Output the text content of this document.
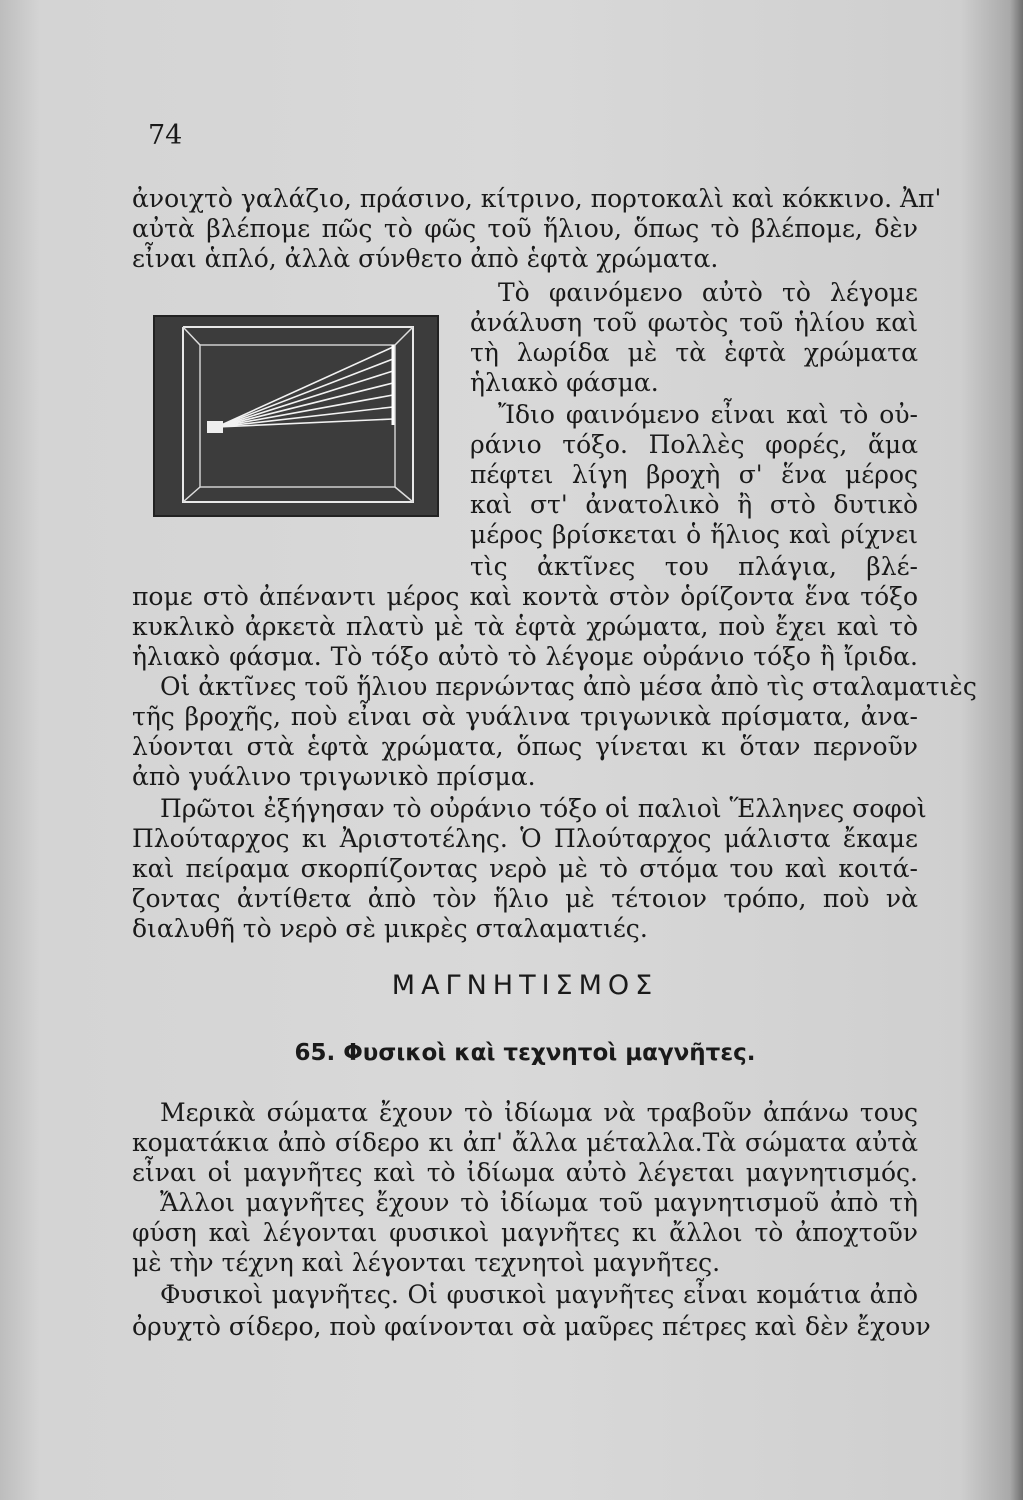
74
ἀνοιχτὸ γαλάζιο, πράσινο, κίτρινο, πορτοκαλὶ καὶ κόκκινο. Ἀπ'
αὐτὰ βλέπομε πῶς τὸ φῶς τοῦ ἥλιου, ὅπως τὸ βλέπομε, δὲν
εἶναι ἁπλό, ἀλλὰ σύνθετο ἀπὸ ἑφτὰ χρώματα.
Τὸ φαινόμενο αὐτὸ τὸ λέγομε
ἀνάλυση τοῦ φωτὸς τοῦ ἡλίου καὶ
τὴ λωρίδα μὲ τὰ ἑφτὰ χρώματα
ἡλιακὸ φάσμα.
Ἴδιο φαινόμενο εἶναι καὶ τὸ οὐ-
ράνιο τόξο. Πολλὲς φορές, ἅμα
πέφτει λίγη βροχὴ σ' ἕνα μέρος
καὶ στ' ἀνατολικὸ ἢ στὸ δυτικὸ
μέρος βρίσκεται ὁ ἥλιος καὶ ρίχνει
τὶς ἀκτῖνες του πλάγια, βλέ-
πομε στὸ ἀπέναντι μέρος καὶ κοντὰ στὸν ὁρίζοντα ἕνα τόξο
κυκλικὸ ἀρκετὰ πλατὺ μὲ τὰ ἑφτὰ χρώματα, ποὺ ἔχει καὶ τὸ
ἡλιακὸ φάσμα. Τὸ τόξο αὐτὸ τὸ λέγομε οὐράνιο τόξο ἢ ἴριδα.
Οἱ ἀκτῖνες τοῦ ἥλιου περνώντας ἀπὸ μέσα ἀπὸ τὶς σταλαματιὲς
τῆς βροχῆς, ποὺ εἶναι σὰ γυάλινα τριγωνικὰ πρίσματα, ἀνα-
λύονται στὰ ἑφτὰ χρώματα, ὅπως γίνεται κι ὅταν περνοῦν
ἀπὸ γυάλινο τριγωνικὸ πρίσμα.
Πρῶτοι ἐξήγησαν τὸ οὐράνιο τόξο οἱ παλιοὶ Ἕλληνες σοφοὶ
Πλούταρχος κι Ἀριστοτέλης. Ὁ Πλούταρχος μάλιστα ἔκαμε
καὶ πείραμα σκορπίζοντας νερὸ μὲ τὸ στόμα του καὶ κοιτά-
ζοντας ἀντίθετα ἀπὸ τὸν ἥλιο μὲ τέτοιον τρόπο, ποὺ νὰ
διαλυθῆ τὸ νερὸ σὲ μικρὲς σταλαματιές.
ΜΑΓΝΗΤΙΣΜΟΣ
65. Φυσικοὶ καὶ τεχνητοὶ μαγνῆτες.
Μερικὰ σώματα ἔχουν τὸ ἰδίωμα νὰ τραβοῦν ἀπάνω τους
κοματάκια ἀπὸ σίδερο κι ἀπ' ἄλλα μέταλλα.Τὰ σώματα αὐτὰ
εἶναι οἱ μαγνῆτες καὶ τὸ ἰδίωμα αὐτὸ λέγεται μαγνητισμός.
Ἄλλοι μαγνῆτες ἔχουν τὸ ἰδίωμα τοῦ μαγνητισμοῦ ἀπὸ τὴ
φύση καὶ λέγονται φυσικοὶ μαγνῆτες κι ἄλλοι τὸ ἀποχτοῦν
μὲ τὴν τέχνη καὶ λέγονται τεχνητοὶ μαγνῆτες.
Φυσικοὶ μαγνῆτες. Οἱ φυσικοὶ μαγνῆτες εἶναι κομάτια ἀπὸ
ὀρυχτὸ σίδερο, ποὺ φαίνονται σὰ μαῦρες πέτρες καὶ δὲν ἔχουν
